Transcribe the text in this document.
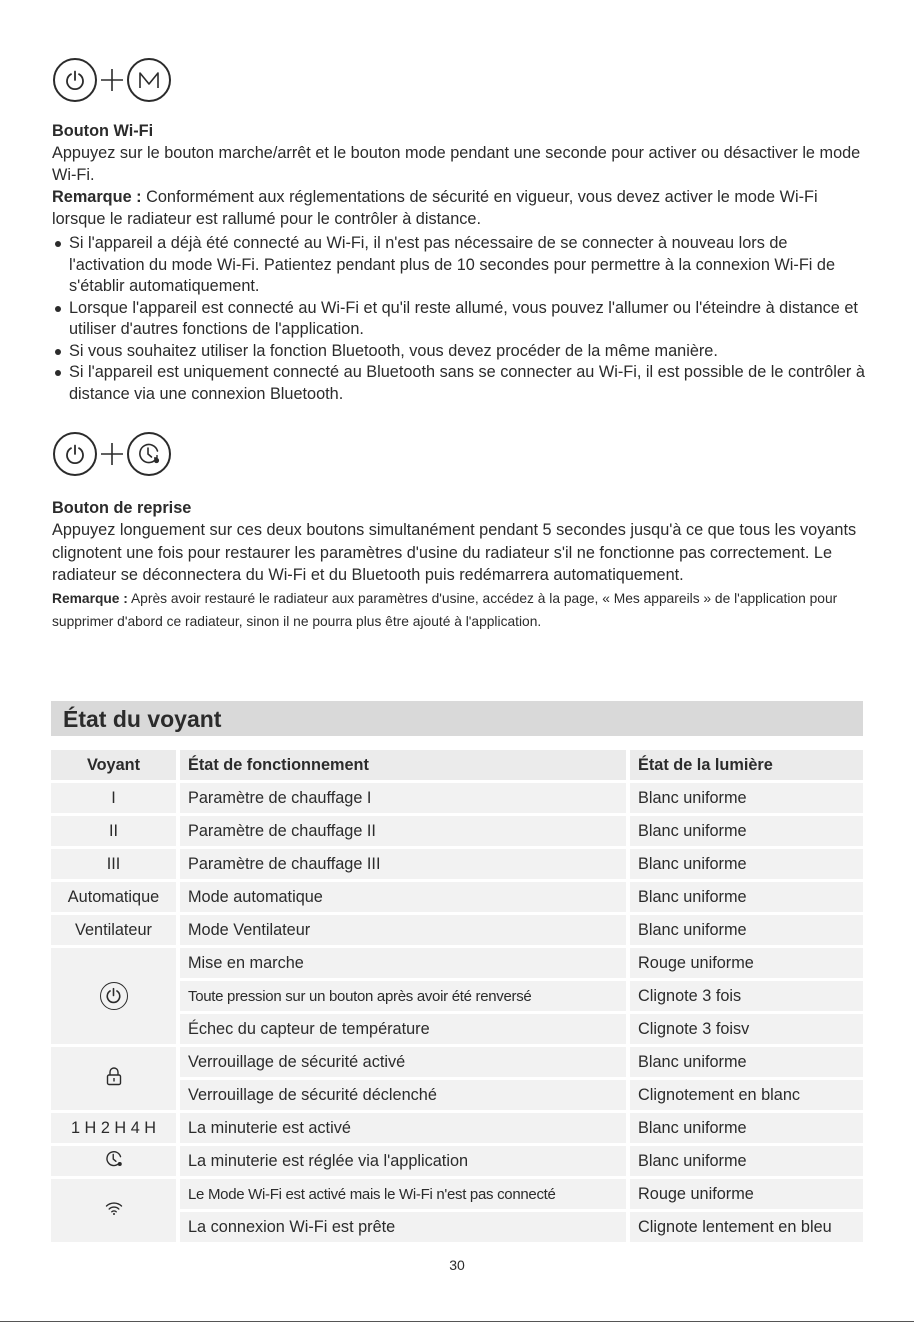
Bouton Wi-Fi

Appuyez sur le bouton marche/arrêt et le bouton mode pendant une seconde pour activer ou désactiver le mode Wi-Fi.

Remarque : Conformément aux réglementations de sécurité en vigueur, vous devez activer le mode Wi-Fi lorsque le radiateur est rallumé pour le contrôler à distance.

Si l'appareil a déjà été connecté au Wi-Fi, il n'est pas nécessaire de se connecter à nouveau lors de l'activation du mode Wi-Fi. Patientez pendant plus de 10 secondes pour permettre à la connexion Wi-Fi de s'établir automatiquement.
Lorsque l'appareil est connecté au Wi-Fi et qu'il reste allumé, vous pouvez l'allumer ou l'éteindre à distance et utiliser d'autres fonctions de l'application.
Si vous souhaitez utiliser la fonction Bluetooth, vous devez procéder de la même manière.
Si l'appareil est uniquement connecté au Bluetooth sans se connecter au Wi-Fi, il est possible de le contrôler à distance via une connexion Bluetooth.

Bouton de reprise

Appuyez longuement sur ces deux boutons simultanément pendant 5 secondes jusqu'à ce que tous les voyants clignotent une fois pour restaurer les paramètres d'usine du radiateur s'il ne fonctionne pas correctement. Le radiateur se déconnectera du Wi-Fi et du Bluetooth puis redémarrera automatiquement.

Remarque : Après avoir restauré le radiateur aux paramètres d'usine, accédez à la page, « Mes appareils » de l'application pour supprimer d'abord ce radiateur, sinon il ne pourra plus être ajouté à l'application.

État du voyant
Voyant	État de fonctionnement	État de la lumière
I	Paramètre de chauffage I	Blanc uniforme
II	Paramètre de chauffage II	Blanc uniforme
III	Paramètre de chauffage III	Blanc uniforme
Automatique	Mode automatique	Blanc uniforme
Ventilateur	Mode Ventilateur	Blanc uniforme
	Mise en marche	Rouge uniforme
	Toute pression sur un bouton après avoir été renversé	Clignote 3 fois
	Échec du capteur de température	Clignote 3 foisv
	Verrouillage de sécurité activé	Blanc uniforme
	Verrouillage de sécurité déclenché	Clignotement en blanc
1 H 2 H 4 H	La minuterie est activé	Blanc uniforme
	La minuterie est réglée via l'application	Blanc uniforme
	Le Mode Wi-Fi est activé mais le Wi-Fi n'est pas connecté	Rouge uniforme
	La connexion Wi-Fi est prête	Clignote lentement en bleu
30
